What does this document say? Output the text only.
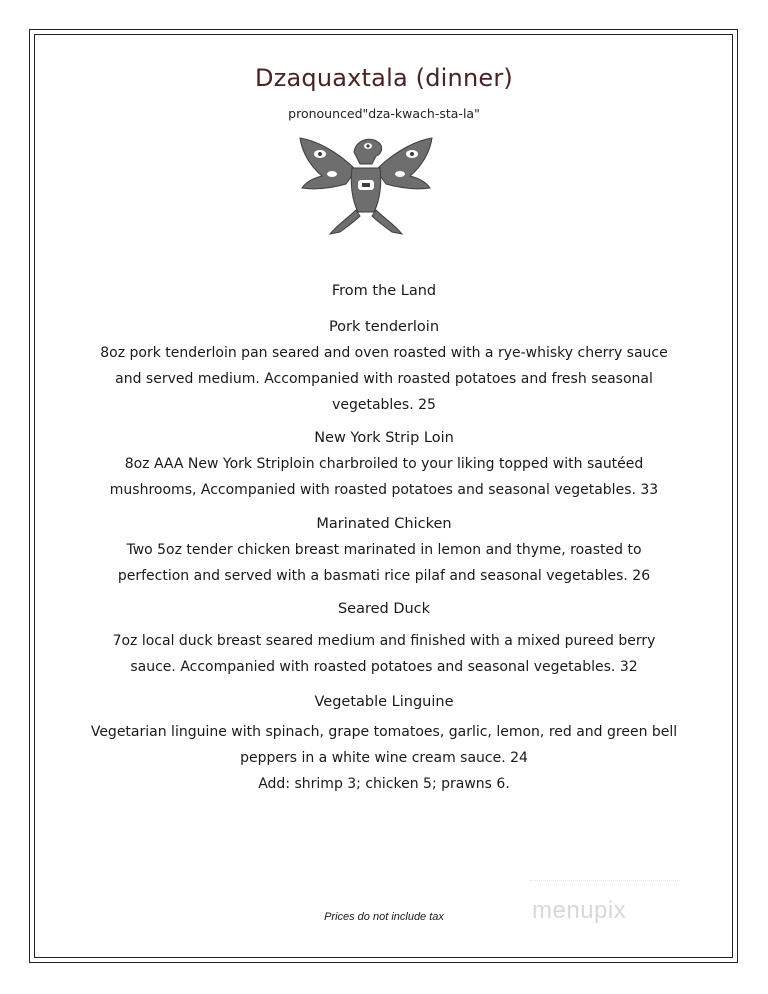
Dzaquaxtala (dinner)
pronounced"dza-kwach-sta-la"
From the Land
Pork tenderloin
8oz pork tenderloin pan seared and oven roasted with a rye-whisky cherry sauce and served medium. Accompanied with roasted potatoes and fresh seasonal vegetables. 25
New York Strip Loin
8oz AAA New York Striploin charbroiled to your liking topped with sautéed mushrooms, Accompanied with roasted potatoes and seasonal vegetables. 33
Marinated Chicken
Two 5oz tender chicken breast marinated in lemon and thyme, roasted to perfection and served with a basmati rice pilaf and seasonal vegetables. 26
Seared Duck
7oz local duck breast seared medium and finished with a mixed pureed berry sauce. Accompanied with roasted potatoes and seasonal vegetables. 32
Vegetable Linguine
Vegetarian linguine with spinach, grape tomatoes, garlic, lemon, red and green bell peppers in a white wine cream sauce. 24
Add: shrimp 3; chicken 5; prawns 6.
menupix
Prices do not include tax
